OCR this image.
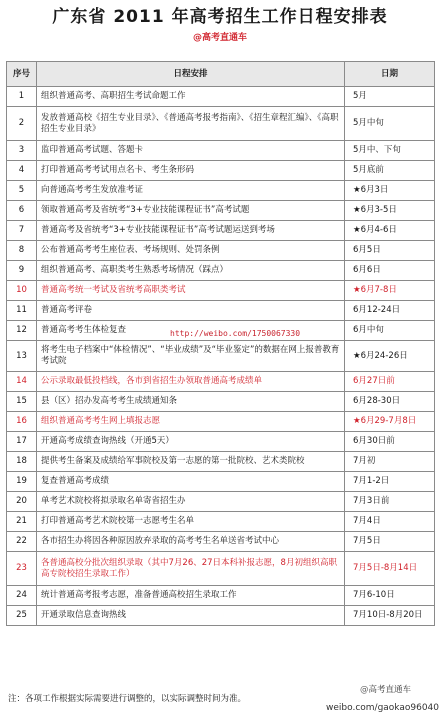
广东省 2011 年高考招生工作日程安排表
@高考直通车
序号	日程安排	日期
1	组织普通高考、高职招生考试命题工作	5月
2	发放普通高校《招生专业目录》、《普通高考报考指南》、《招生章程汇编》、《高职招生专业目录》	5月中旬
3	监印普通高考试题、答题卡	5月中、下旬
4	打印普通高考考试用点名卡、考生条形码	5月底前
5	向普通高考考生发放准考证	★6月3日
6	领取普通高考及省统考“3+专业技能课程证书”高考试题	★6月3-5日
7	普通高考及省统考“3+专业技能课程证书”高考试题运送到考场	★6月4-6日
8	公布普通高考考生座位表、考场规则、处罚条例	6月5日
9	组织普通高考、高职类考生熟悉考场情况（踩点）	6月6日
10	普通高考统一考试及省统考高职类考试	★6月7-8日
11	普通高考评卷	6月12-24日
12	普通高考考生体检复查	6月中旬
13	将考生电子档案中“体检情况”、“毕业成绩”及“毕业鉴定”的数据在网上报普教育考试院	★6月24-26日
14	公示录取最低投档线，各市到省招生办领取普通高考成绩单	6月27日前
15	县（区）招办发高考考生成绩通知条	6月28-30日
16	组织普通高考考生网上填报志愿	★6月29-7月8日
17	开通高考成绩查询热线（开通5天）	6月30日前
18	提供考生备案及成绩给军事院校及第一志愿的第一批院校、艺术类院校	7月初
19	复查普通高考成绩	7月1-2日
20	单考艺术院校将拟录取名单寄省招生办	7月3日前
21	打印普通高考艺术院校第一志愿考生名单	7月4日
22	各市招生办将因各种原因放弃录取的高考考生名单送省考试中心	7月5日
23	各普通高校分批次组织录取（其中7月26、27日本科补报志愿，8月初组织高职高专院校招生录取工作）	7月5日-8月14日
24	统计普通高考报考志愿，准备普通高校招生录取工作	7月6-10日
25	开通录取信息查询热线	7月10日-8月20日
http://weibo.com/1750067330
注：各项工作根据实际需要进行调整的，以实际调整时间为准。
@高考直通车
weibo.com/gaokao96040
